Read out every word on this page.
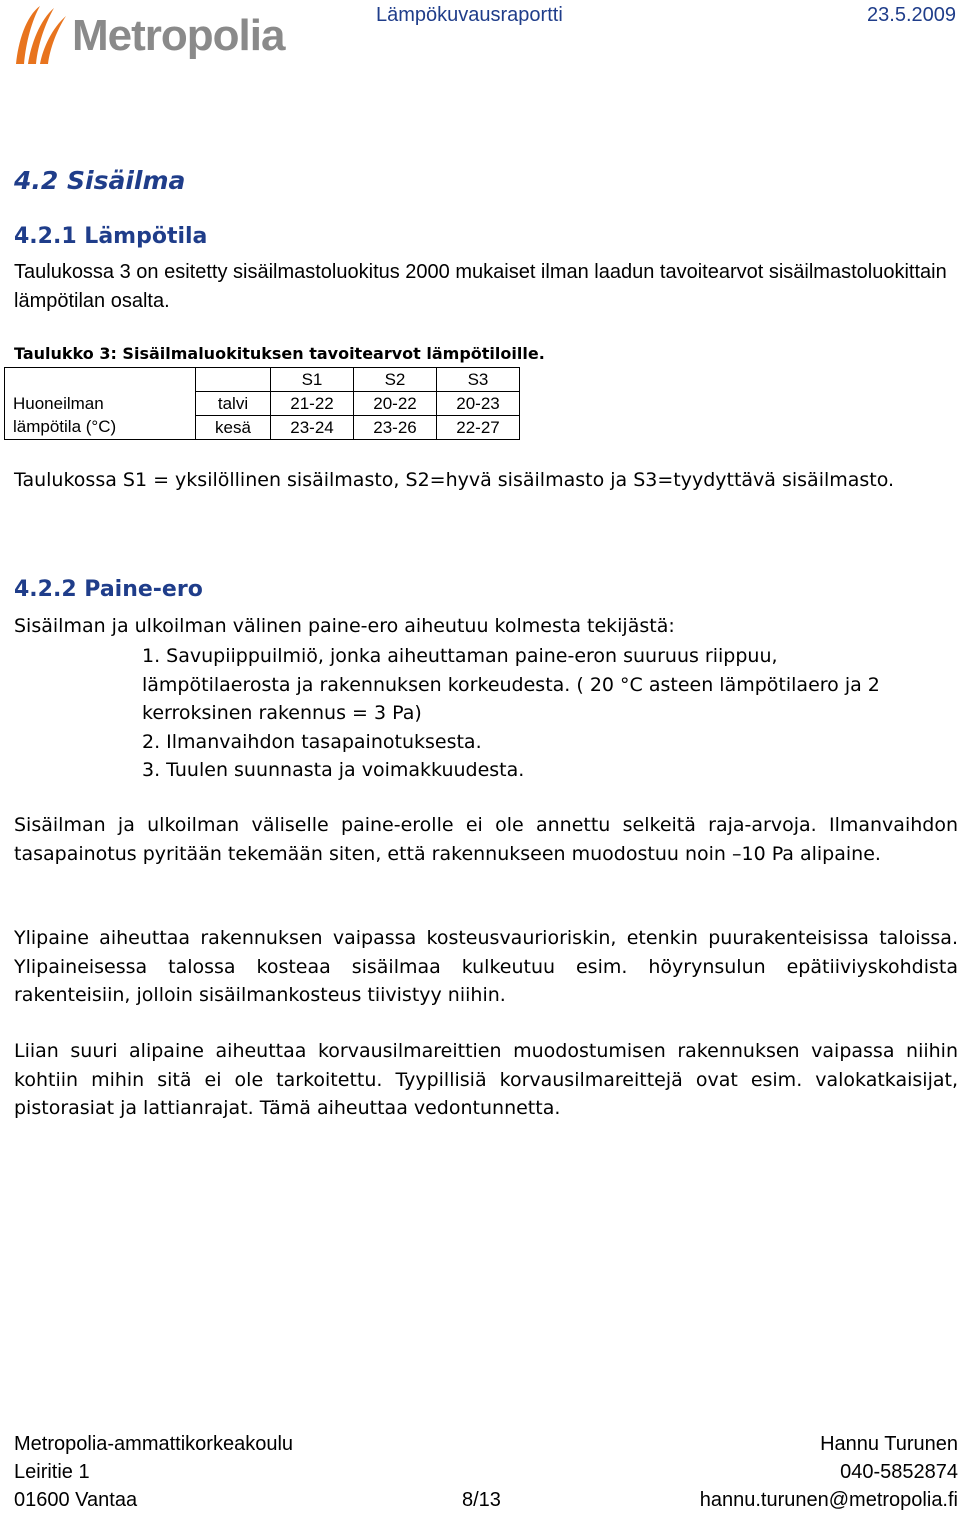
Metropolia	Lämpökuvausraportti	23.5.2009
4.2 Sisäilma
4.2.1 Lämpötila
Taulukossa 3 on esitetty sisäilmastoluokitus 2000 mukaiset ilman laadun tavoitearvot sisäilmastoluokittain lämpötilan osalta.
Taulukko 3: Sisäilmaluokituksen tavoitearvot lämpötiloille.
		S1	S2	S3
Huoneilman	talvi	21-22	20-22	20-23
lämpötila (°C)	kesä	23-24	23-26	22-27
Taulukossa S1 = yksilöllinen sisäilmasto, S2=hyvä sisäilmasto ja S3=tyydyttävä sisäilmasto.
4.2.2 Paine-ero
Sisäilman ja ulkoilman välinen paine-ero aiheutuu kolmesta tekijästä:
1. Savupiippuilmiö, jonka aiheuttaman paine-eron suuruus riippuu,
lämpötilaerosta ja rakennuksen korkeudesta. ( 20 °C asteen lämpötilaero ja 2
kerroksinen rakennus = 3 Pa)
2. Ilmanvaihdon tasapainotuksesta.
3. Tuulen suunnasta ja voimakkuudesta.
Sisäilman ja ulkoilman väliselle paine-erolle ei ole annettu selkeitä raja-arvoja. Ilmanvaihdon tasapainotus pyritään tekemään siten, että rakennukseen muodostuu noin –10 Pa alipaine.
Ylipaine aiheuttaa rakennuksen vaipassa kosteusvaurioriskin, etenkin puurakenteisissa taloissa. Ylipaineisessa talossa kosteaa sisäilmaa kulkeutuu esim. höyrynsulun epätiiviyskohdista rakenteisiin, jolloin sisäilmankosteus tiivistyy niihin.
Liian suuri alipaine aiheuttaa korvausilmareittien muodostumisen rakennuksen vaipassa niihin kohtiin mihin sitä ei ole tarkoitettu. Tyypillisiä korvausilmareittejä ovat esim. valokatkaisijat, pistorasiat ja lattianrajat. Tämä aiheuttaa vedontunnetta.
Metropolia-ammattikorkeakoulu
Leiritie 1
01600 Vantaa	8/13
Hannu Turunen
040-5852874
hannu.turunen@metropolia.fi
